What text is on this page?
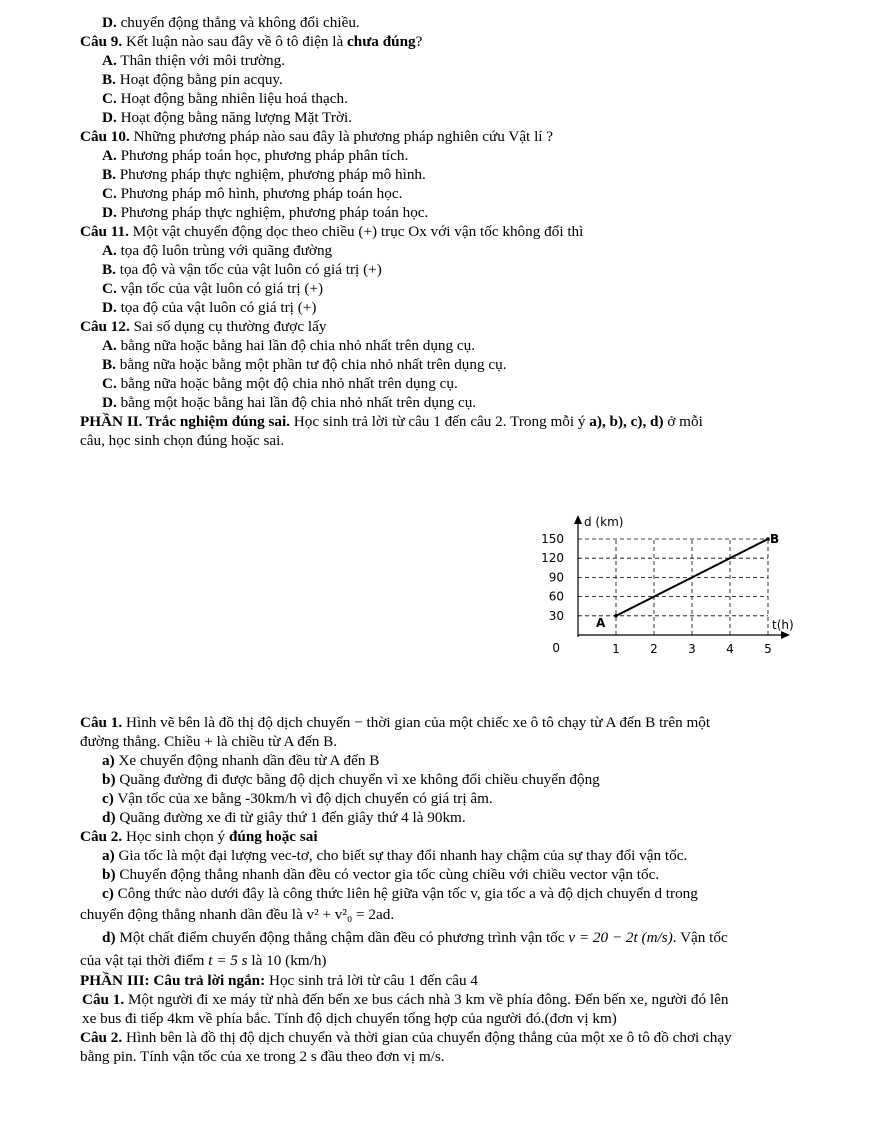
D. chuyển động thẳng và không đổi chiều.
Câu 9. Kết luận nào sau đây về ô tô điện là chưa đúng?
A. Thân thiện với môi trường.
B. Hoạt động bằng pin acquy.
C. Hoạt động bằng nhiên liệu hoá thạch.
D. Hoạt động bằng năng lượng Mặt Trời.
Câu 10. Những phương pháp nào sau đây là phương pháp nghiên cứu Vật lí ?
A. Phương pháp toán học, phương pháp phân tích.
B. Phương pháp thực nghiệm, phương pháp mô hình.
C. Phương pháp mô hình, phương pháp toán học.
D. Phương pháp thực nghiệm, phương pháp toán học.
Câu 11. Một vật chuyển động dọc theo chiều (+) trục Ox với vận tốc không đổi thì
A. tọa độ luôn trùng với quãng đường
B. tọa độ và vận tốc của vật luôn có giá trị (+)
C. vận tốc của vật luôn có giá trị (+)
D. tọa độ của vật luôn có giá trị (+)
Câu 12. Sai số dụng cụ thường được lấy
A. bằng nữa hoặc bằng hai lần độ chia nhỏ nhất trên dụng cụ.
B. bằng nữa hoặc bằng một phần tư độ chia nhỏ nhất trên dụng cụ.
C. bằng nữa hoặc bằng một độ chia nhỏ nhất trên dụng cụ.
D. bằng một hoặc bằng hai lần độ chia nhỏ nhất trên dụng cụ.
PHẦN II. Trắc nghiệm đúng sai. Học sinh trả lời từ câu 1 đến câu 2. Trong mỗi ý a), b), c), d) ở mỗi
câu, học sinh chọn đúng hoặc sai.
d (km)
t(h)
30
60
90
120
150
1	2	3	4	5
0
A
B
Câu 1. Hình vẽ bên là đồ thị độ dịch chuyển − thời gian của một chiếc xe ô tô chạy từ A đến B trên một
đường thẳng. Chiều + là chiều từ A đến B.
a) Xe chuyển động nhanh dần đều từ A đến B
b) Quãng đường đi được bằng độ dịch chuyển vì xe không đổi chiều chuyển động
c) Vận tốc của xe bằng -30km/h vì độ dịch chuyển có giá trị âm.
d) Quãng đường xe đi từ giây thứ 1 đến giây thứ 4 là 90km.
Câu 2. Học sinh chọn ý đúng hoặc sai
a) Gia tốc là một đại lượng vec-tơ, cho biết sự thay đổi nhanh hay chậm của sự thay đổi vận tốc.
b) Chuyển động thẳng nhanh dần đều có vector gia tốc cùng chiều với chiều vector vận tốc.
c) Công thức nào dưới đây là công thức liên hệ giữa vận tốc v, gia tốc a và độ dịch chuyển d trong
chuyển động thẳng nhanh dần đều là v² + v²₀ = 2ad.
d) Một chất điểm chuyển động thẳng chậm dần đều có phương trình vận tốc v = 20 − 2t (m/s). Vận tốc
của vật tại thời điểm t = 5 s là 10 (km/h)
PHẦN III: Câu trả lời ngắn: Học sinh trả lời từ câu 1 đến câu 4
Câu 1. Một người đi xe máy từ nhà đến bến xe bus cách nhà 3 km về phía đông. Đến bến xe, người đó lên
xe bus đi tiếp 4km về phía bắc. Tính độ dịch chuyển tổng hợp của người đó.(đơn vị km)
Câu 2. Hình bên là đồ thị độ dịch chuyển và thời gian của chuyển động thẳng của một xe ô tô đồ chơi chạy
bằng pin. Tính vận tốc của xe trong 2 s đầu theo đơn vị m/s.
